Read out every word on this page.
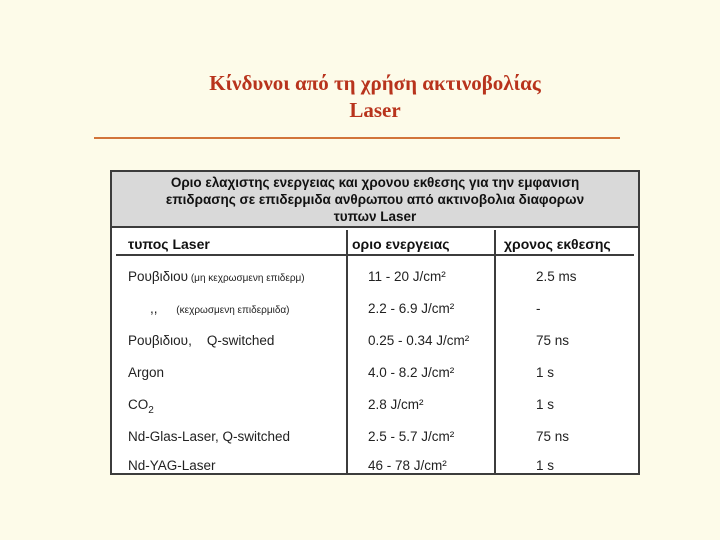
Κίνδυνοι από τη χρήση ακτινοβολίας
Laser
Οριο ελαχιστης ενεργειας και χρονου εκθεσης για την εμφανιση
επιδρασης σε επιδερμιδα ανθρωπου από ακτινοβολια διαφορων
τυπων Laser
τυπος Laser	οριο ενεργειας	χρονος εκθεσης
Ρουβιδιου (μη κεχρωσμενη επιδερμ)	11 - 20 J/cm²	2.5 ms
,, (κεχρωσμενη επιδερμιδα)	2.2 - 6.9 J/cm²	-
Ρουβιδιου, Q-switched	0.25 - 0.34 J/cm²	75 ns
Argon	4.0 - 8.2 J/cm²	1 s
$CO_2$	2.8 J/cm²	1 s
Nd-Glas-Laser, Q-switched	2.5 - 5.7 J/cm²	75 ns
Nd-YAG-Laser	46 - 78 J/cm²	1 s
